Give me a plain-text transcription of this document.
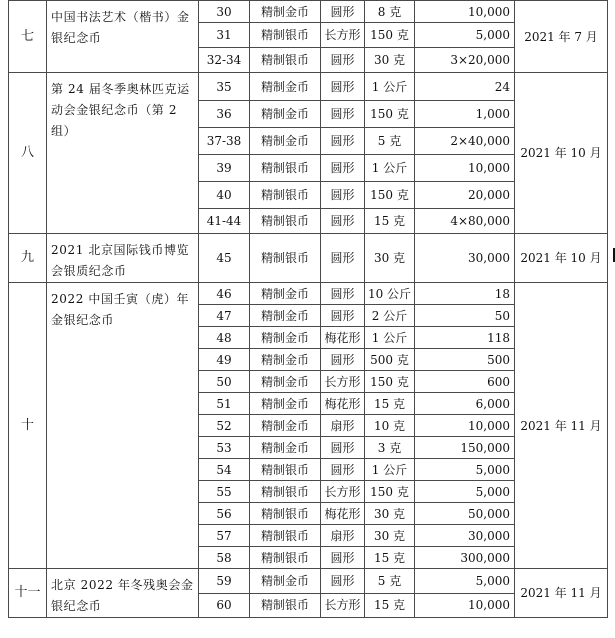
七	中国书法艺术（楷书）金银纪念币	30	精制金币	圆形	8 克	10,000	2021 年 7 月
		31	精制银币	长方形	150 克	5,000	
		32-34	精制银币	圆形	30 克	3×20,000	
八	第 24 届冬季奥林匹克运动会金银纪念币（第 2 组）	35	精制金币	圆形	1 公斤	24	2021 年 10 月
		36	精制金币	圆形	150 克	1,000	
		37-38	精制金币	圆形	5 克	2×40,000	
		39	精制银币	圆形	1 公斤	10,000	
		40	精制银币	圆形	150 克	20,000	
		41-44	精制银币	圆形	15 克	4×80,000	
九	2021 北京国际钱币博览会银质纪念币	45	精制银币	圆形	30 克	30,000	2021 年 10 月
十	2022 中国壬寅（虎）年金银纪念币	46	精制金币	圆形	10 公斤	18	2021 年 11 月
		47	精制金币	圆形	2 公斤	50	
		48	精制金币	梅花形	1 公斤	118	
		49	精制金币	圆形	500 克	500	
		50	精制金币	长方形	150 克	600	
		51	精制金币	梅花形	15 克	6,000	
		52	精制金币	扇形	10 克	10,000	
		53	精制金币	圆形	3 克	150,000	
		54	精制银币	圆形	1 公斤	5,000	
		55	精制银币	长方形	150 克	5,000	
		56	精制银币	梅花形	30 克	50,000	
		57	精制银币	扇形	30 克	30,000	
		58	精制银币	圆形	15 克	300,000	
十一	北京 2022 年冬残奥会金银纪念币	59	精制金币	圆形	5 克	5,000	2021 年 11 月
		60	精制银币	长方形	15 克	10,000	
